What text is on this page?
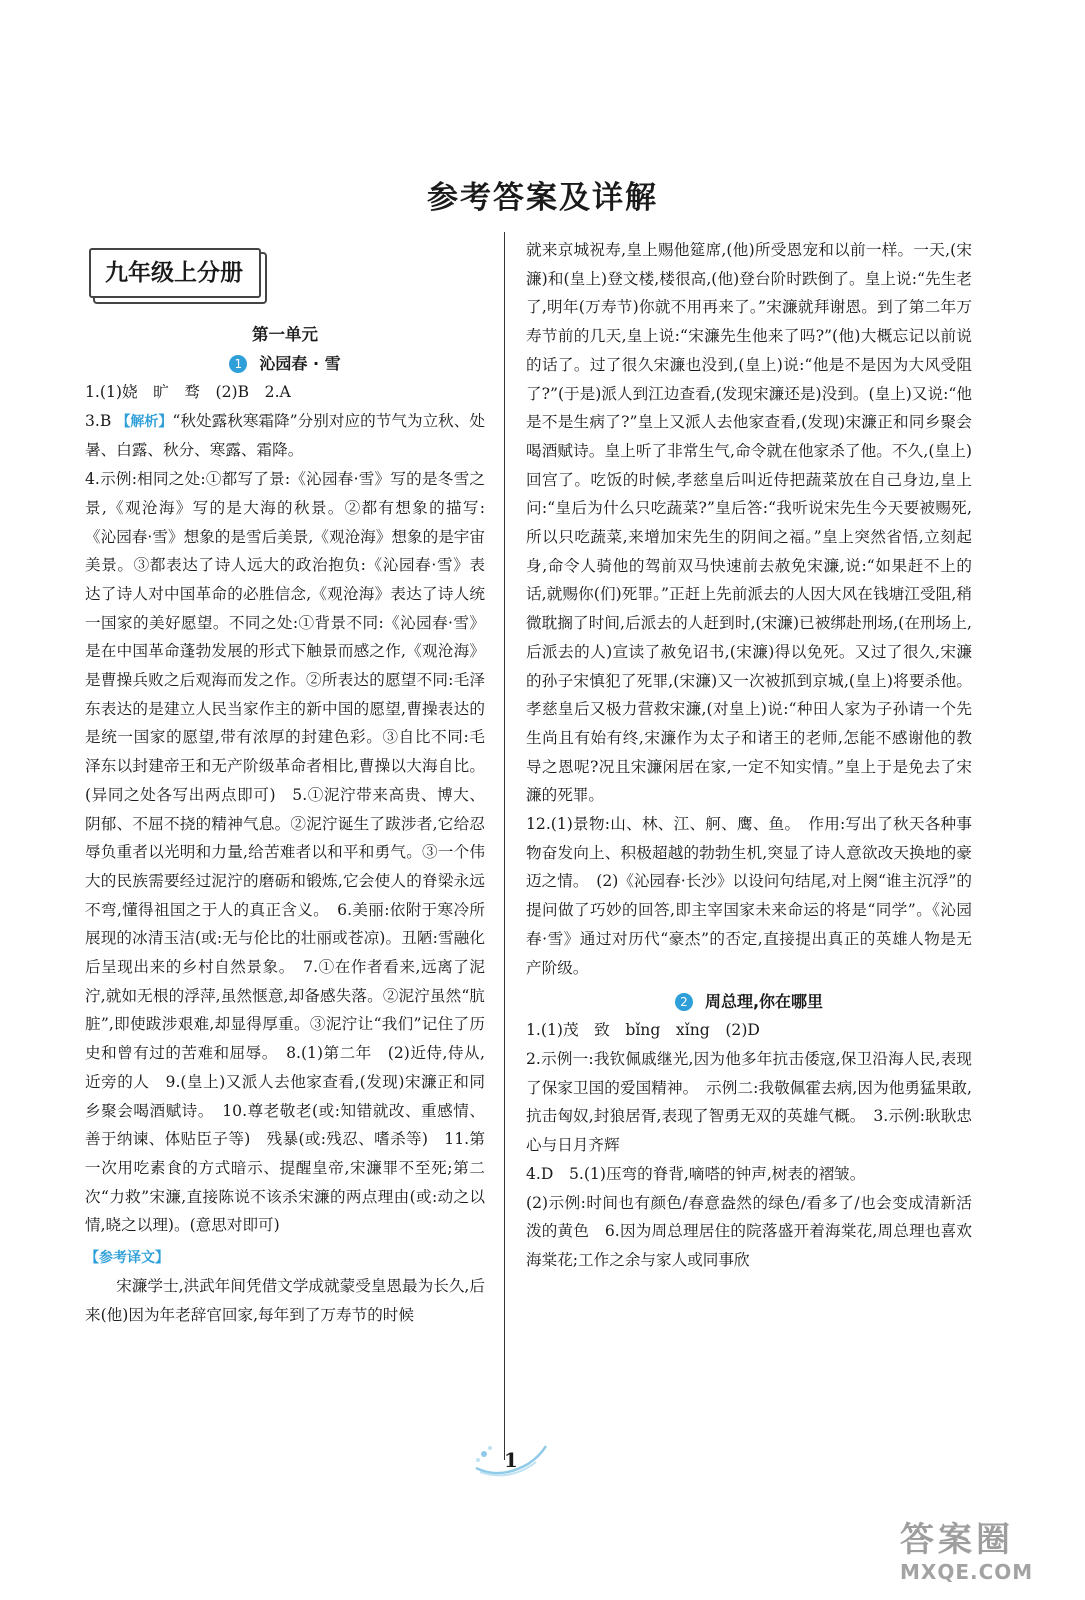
参考答案及详解
九年级上分册
第一单元
1 沁园春 · 雪

1.(1)娆　旷　骛　(2)B　2.A

3.B 【解析】“秋处露秋寒霜降”分别对应的节气为立秋、处暑、白露、秋分、寒露、霜降。

4.示例:相同之处:①都写了景:《沁园春·雪》写的是冬雪之景,《观沧海》写的是大海的秋景。②都有想象的描写:《沁园春·雪》想象的是雪后美景,《观沧海》想象的是宇宙美景。③都表达了诗人远大的政治抱负:《沁园春·雪》表达了诗人对中国革命的必胜信念,《观沧海》表达了诗人统一国家的美好愿望。不同之处:①背景不同:《沁园春·雪》是在中国革命蓬勃发展的形式下触景而感之作,《观沧海》是曹操兵败之后观海而发之作。②所表达的愿望不同:毛泽东表达的是建立人民当家作主的新中国的愿望,曹操表达的是统一国家的愿望,带有浓厚的封建色彩。③自比不同:毛泽东以封建帝王和无产阶级革命者相比,曹操以大海自比。(异同之处各写出两点即可)　5.①泥泞带来高贵、博大、阴郁、不屈不挠的精神气息。②泥泞诞生了跋涉者,它给忍辱负重者以光明和力量,给苦难者以和平和勇气。③一个伟大的民族需要经过泥泞的磨砺和锻炼,它会使人的脊梁永远不弯,懂得祖国之于人的真正含义。　6.美丽:依附于寒冷所展现的冰清玉洁(或:无与伦比的壮丽或苍凉)。丑陋:雪融化后呈现出来的乡村自然景象。　7.①在作者看来,远离了泥泞,就如无根的浮萍,虽然惬意,却备感失落。②泥泞虽然“肮脏”,即使跋涉艰难,却显得厚重。③泥泞让“我们”记住了历史和曾有过的苦难和屈辱。　8.(1)第二年　(2)近侍,侍从,近旁的人　9.(皇上)又派人去他家查看,(发现)宋濂正和同乡聚会喝酒赋诗。　10.尊老敬老(或:知错就改、重感情、善于纳谏、体贴臣子等)　残暴(或:残忍、嗜杀等)　11.第一次用吃素食的方式暗示、提醒皇帝,宋濂罪不至死;第二次“力救”宋濂,直接陈说不该杀宋濂的两点理由(或:动之以情,晓之以理)。(意思对即可)

【参考译文】

宋濂学士,洪武年间凭借文学成就蒙受皇恩最为长久,后来(他)因为年老辞官回家,每年到了万寿节的时候

就来京城祝寿,皇上赐他筵席,(他)所受恩宠和以前一样。一天,(宋濂)和(皇上)登文楼,楼很高,(他)登台阶时跌倒了。皇上说:“先生老了,明年(万寿节)你就不用再来了。”宋濂就拜谢恩。到了第二年万寿节前的几天,皇上说:“宋濂先生他来了吗?”(他)大概忘记以前说的话了。过了很久宋濂也没到,(皇上)说:“他是不是因为大风受阻了?”(于是)派人到江边查看,(发现宋濂还是)没到。(皇上)又说:“他是不是生病了?”皇上又派人去他家查看,(发现)宋濂正和同乡聚会喝酒赋诗。皇上听了非常生气,命令就在他家杀了他。不久,(皇上)回宫了。吃饭的时候,孝慈皇后叫近侍把蔬菜放在自己身边,皇上问:“皇后为什么只吃蔬菜?”皇后答:“我听说宋先生今天要被赐死,所以只吃蔬菜,来增加宋先生的阴间之福。”皇上突然省悟,立刻起身,命令人骑他的驾前双马快速前去赦免宋濂,说:“如果赶不上的话,就赐你(们)死罪。”正赶上先前派去的人因大风在钱塘江受阻,稍微耽搁了时间,后派去的人赶到时,(宋濂)已被绑赴刑场,(在刑场上,后派去的人)宣读了赦免诏书,(宋濂)得以免死。又过了很久,宋濂的孙子宋慎犯了死罪,(宋濂)又一次被抓到京城,(皇上)将要杀他。孝慈皇后又极力营救宋濂,(对皇上)说:“种田人家为子孙请一个先生尚且有始有终,宋濂作为太子和诸王的老师,怎能不感谢他的教导之恩呢?况且宋濂闲居在家,一定不知实情。”皇上于是免去了宋濂的死罪。

12.(1)景物:山、林、江、舸、鹰、鱼。　作用:写出了秋天各种事物奋发向上、积极超越的勃勃生机,突显了诗人意欲改天换地的豪迈之情。　(2)《沁园春·长沙》以设问句结尾,对上阕“谁主沉浮”的提问做了巧妙的回答,即主宰国家未来命运的将是“同学”。《沁园春·雪》通过对历代“豪杰”的否定,直接提出真正的英雄人物是无产阶级。

2 周总理,你在哪里

1.(1)茂　致　bǐng　xǐng　(2)D

2.示例一:我钦佩戚继光,因为他多年抗击倭寇,保卫沿海人民,表现了保家卫国的爱国精神。　示例二:我敬佩霍去病,因为他勇猛果敢,抗击匈奴,封狼居胥,表现了智勇无双的英雄气概。　3.示例:耿耿忠心与日月齐辉

4.D　5.(1)压弯的脊背,嘀嗒的钟声,树表的褶皱。

(2)示例:时间也有颜色/春意盎然的绿色/看多了/也会变成清新活泼的黄色　6.因为周总理居住的院落盛开着海棠花,周总理也喜欢海棠花;工作之余与家人或同事欣

1
答案圈
MXQE.COM
